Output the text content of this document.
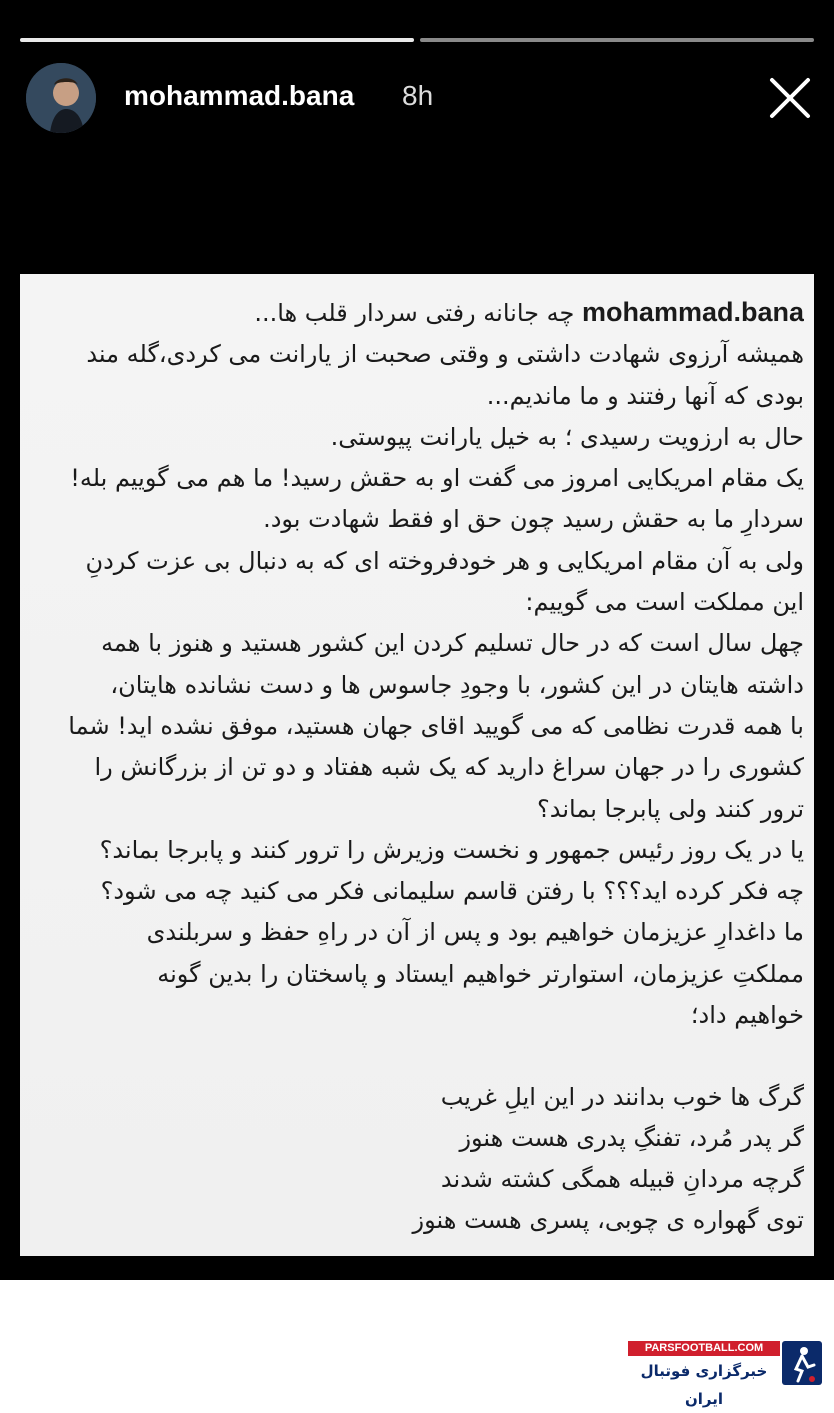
mohammad.bana 8h
mohammad.bana چه جانانه رفتی سردار قلب ها...
همیشه آرزوی شهادت داشتی و وقتی صحبت از یارانت می کردی،گله مند
بودی که آنها رفتند و ما ماندیم...
حال به ارزویت رسیدی ؛ به خیل یارانت پیوستی.
یک مقام امریکایی امروز می گفت او به حقش رسید! ما هم می گوییم بله!
سردارِ ما به حقش رسید چون حق او فقط شهادت بود.
ولی به آن مقام امریکایی و هر خودفروخته ای که به دنبال بی عزت کردنِ
این مملکت است می گوییم:
چهل سال است که در حال تسلیم کردن این کشور هستید و هنوز با همه
داشته هایتان در این کشور، با وجودِ جاسوس ها و دست نشانده هایتان،
با همه قدرت نظامی که می گویید اقای جهان هستید، موفق نشده اید! شما
کشوری را در جهان سراغ دارید که یک شبه هفتاد و دو تن از بزرگانش را
ترور کنند ولی پابرجا بماند؟
یا در یک روز رئیس جمهور و نخست وزیرش را ترور کنند و پابرجا بماند؟
چه فکر کرده اید؟؟؟ با رفتن قاسم سلیمانی فکر می کنید چه می شود؟
ما داغدارِ عزیزمان خواهیم بود و پس از آن در راهِ حفظ و سربلندی
مملکتِ عزیزمان، استوارتر خواهیم ایستاد و پاسختان را بدین گونه
خواهیم داد؛
گرگ ها خوب بدانند در این ایلِ غریب
گر پدر مُرد، تفنگِ پدری هست هنوز
گرچه مردانِ قبیله همگی کشته شدند
توی گهواره ی چوبی، پسری هست هنوز
PARSFOOTBALL.COM
خبرگزاری فوتبال ایران
